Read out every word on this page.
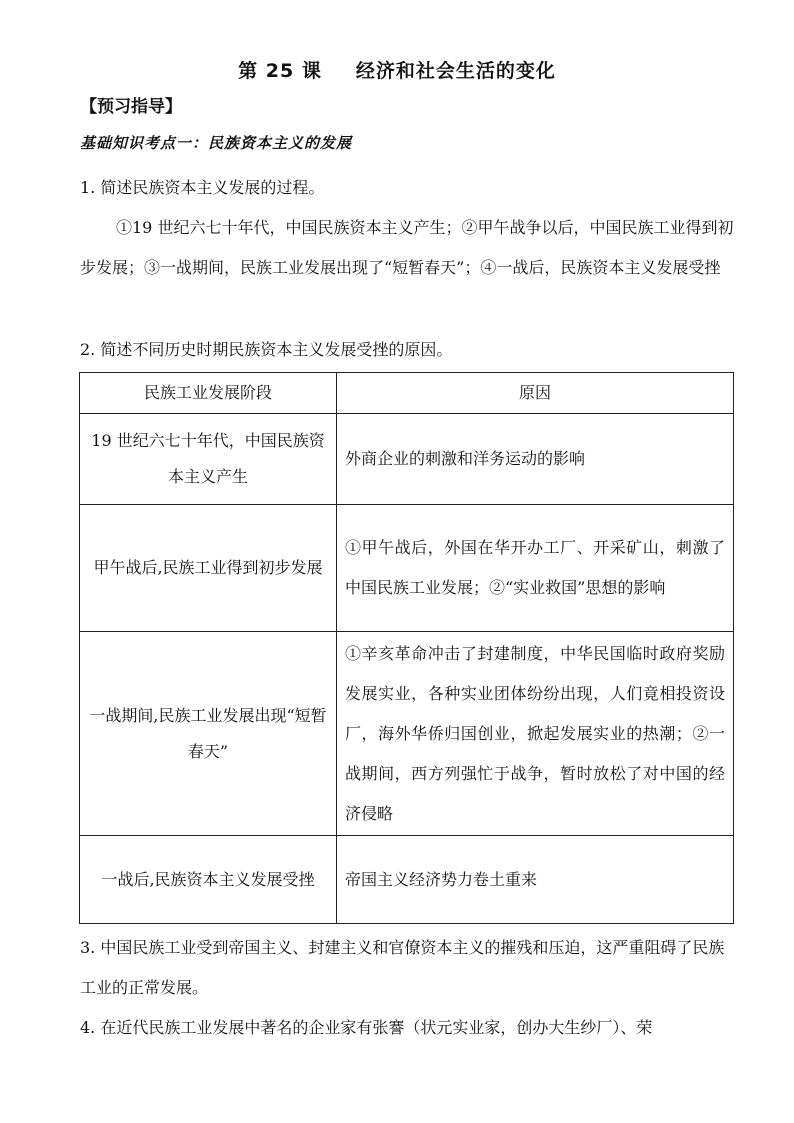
第 25 课 经济和社会生活的变化
【预习指导】
基础知识考点一：民族资本主义的发展
1. 简述民族资本主义发展的过程。
①19 世纪六七十年代，中国民族资本主义产生；②甲午战争以后，中国民族工业得到初步发展；③一战期间，民族工业发展出现了“短暂春天”；④一战后，民族资本主义发展受挫
2. 简述不同历史时期民族资本主义发展受挫的原因。
民族工业发展阶段	原因
19 世纪六七十年代，中国民族资本主义产生	外商企业的刺激和洋务运动的影响
甲午战后,民族工业得到初步发展	①甲午战后，外国在华开办工厂、开采矿山，刺激了中国民族工业发展；②“实业救国”思想的影响
一战期间,民族工业发展出现“短暂春天”	①辛亥革命冲击了封建制度，中华民国临时政府奖励发展实业，各种实业团体纷纷出现，人们竟相投资设厂，海外华侨归国创业，掀起发展实业的热潮；②一战期间，西方列强忙于战争，暂时放松了对中国的经济侵略
一战后,民族资本主义发展受挫	帝国主义经济势力卷土重来
3. 中国民族工业受到帝国主义、封建主义和官僚资本主义的摧残和压迫，这严重阻碍了民族工业的正常发展。
4. 在近代民族工业发展中著名的企业家有张謇（状元实业家，创办大生纱厂）、荣
